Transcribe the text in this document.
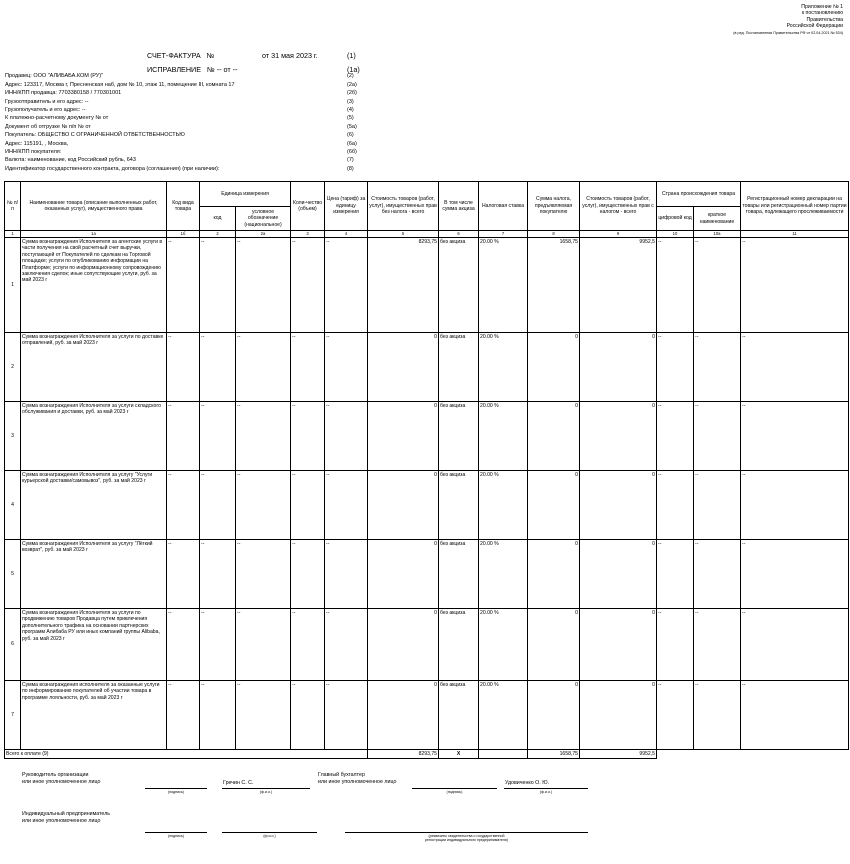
Приложение № 1
к постановлению
Правительства
Российской Федерации
(в ред. Постановления Правительства РФ от 02.04.2021 № 534)
СЧЕТ-ФАКТУРА №	от 31 мая 2023 г.	(1)
ИСПРАВЛЕНИЕ № -- от --	(1а)
Продавец: ООО "АЛИБАБА.КОМ (РУ)"	(2)
Адрес: 123317, Москва г, Пресненская наб, дом № 10, этаж 11, помещение III, комната 17	(2а)
ИНН/КПП продавца: 7703380158 / 770301001	(2б)
Грузоотправитель и его адрес: --	(3)
Грузополучатель и его адрес: --	(4)
К платежно-расчетному документу № от	(5)
Документ об отгрузке № п/п № от	(5а)
Покупатель: ОБЩЕСТВО С ОГРАНИЧЕННОЙ ОТВЕТСТВЕННОСТЬЮ	(6)
Адрес: 115191, , Москва,	(6а)
ИНН/КПП покупателя:	(6б)
Валюта: наименование, код Российский рубль, 643	(7)
Идентификатор государственного контракта, договора (соглашения) (при наличии):	(8)
№ п/п	Наименование товара (описание выполненных работ, оказанных услуг), имущественного права	Код вида товара	Единица измерения		Коли-чество (объем)	Цена (тариф) за единицу измерения	Стоимость товаров (работ, услуг), имущественных прав без налога - всего	В том числе сумма акциза	Налоговая ставка	Сумма налога, предъявляемая покупателю	Стоимость товаров (работ, услуг), имущественных прав с налогом - всего	Страна происхождения товара		Регистрационный номер декларации на товары или регистрационный номер партии товара, подлежащего прослеживаемости
			код	условное обозначение (национальное)								цифровой код	краткое наименование	
1	1а	1б	2	2а	3	4	5	6	7	8	9	10	10а	11
1	Сумма вознаграждения Исполнителя за агентские услуги в части получения на свой расчетный счет выручки, поступающей от Покупателей по сделкам на Торговой площадке; услуги по опубликованию информации на Платформе; услуги по информационному сопровождению заключения сделок; иные сопутствующие услуги, руб. за май 2023 г	--	--	--	--	--	8293,75	без акциза	20.00 %	1658,75	9952,5	--	--	--
2	Сумма вознаграждения Исполнителя за услуги по доставке отправлений, руб. за май 2023 г	--	--	--	--	--	0	без акциза	20.00 %	0	0	--	--	--
3	Сумма вознаграждения Исполнителя за услуги складского обслуживания и доставки, руб. за май 2023 г	--	--	--	--	--	0	без акциза	20.00 %	0	0	--	--	--
4	Сумма вознаграждения Исполнителя за услугу "Услуги курьерской доставки/самовывоз", руб. за май 2023 г	--	--	--	--	--	0	без акциза	20.00 %	0	0	--	--	--
5	Сумма вознаграждения Исполнителя за услугу "Лёгкий возврат", руб. за май 2023 г	--	--	--	--	--	0	без акциза	20.00 %	0	0	--	--	--
6	Сумма вознаграждения Исполнителя за услуги по продвижению товаров Продавца путем привлечения дополнительного трафика на основании партнерских программ Алибаба РУ или иных компаний группы Alibaba, руб. за май 2023 г	--	--	--	--	--	0	без акциза	20.00 %	0	0	--	--	--
7	Сумма вознаграждения исполнителя за оказанные услуги по информированию покупателей об участии товара в программе лояльности, руб. за май 2023 г	--	--	--	--	--	0	без акциза	20.00 %	0	0	--	--	--
Всего к оплате (9)							8293,75	X		1658,75	9952,5			
Руководитель организации
или иное уполномоченное лицо
(подпись)
Гречин С. С.
(ф.и.о.)
Главный бухгалтер
или иное уполномоченное лицо
(подпись)
Удовиченко О. Ю.
(ф.и.о.)
Индивидуальный предприниматель
или иное уполномоченное лицо
(подпись)	(ф.и.о.)	(реквизиты свидетельства о государственной
регистрации индивидуального предпринимателя)
